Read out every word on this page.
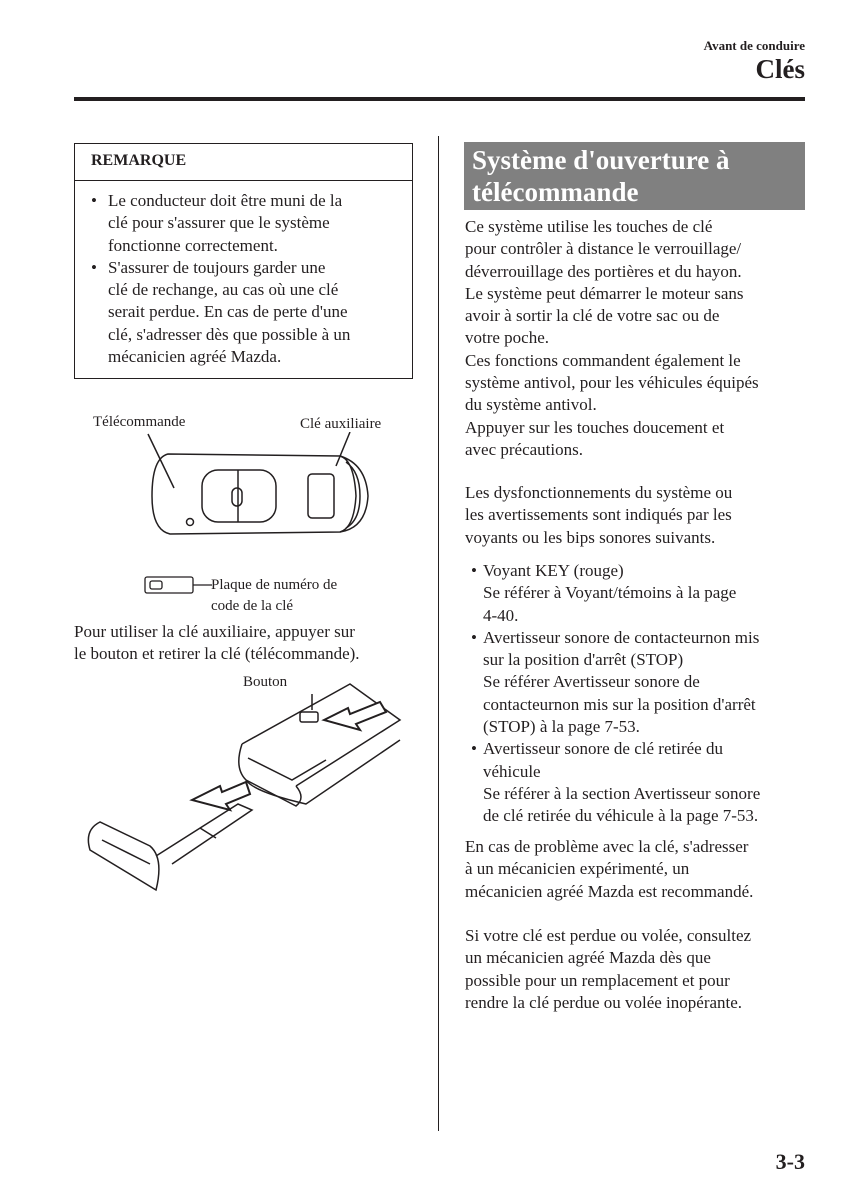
Avant de conduire
Clés
REMARQUE
• Le conducteur doit être muni de la
clé pour s'assurer que le système
fonctionne correctement.
• S'assurer de toujours garder une
clé de rechange, au cas où une clé
serait perdue. En cas de perte d'une
clé, s'adresser dès que possible à un
mécanicien agréé Mazda.
Télécommande	Clé auxiliaire
Plaque de numéro de
code de la clé
Pour utiliser la clé auxiliaire, appuyer sur
le bouton et retirer la clé (télécommande).
Bouton
Système d'ouverture à
télécommande
Ce système utilise les touches de clé
pour contrôler à distance le verrouillage/
déverrouillage des portières et du hayon.
Le système peut démarrer le moteur sans
avoir à sortir la clé de votre sac ou de
votre poche.
Ces fonctions commandent également le
système antivol, pour les véhicules équipés
du système antivol.
Appuyer sur les touches doucement et
avec précautions.
Les dysfonctionnements du système ou
les avertissements sont indiqués par les
voyants ou les bips sonores suivants.
• Voyant KEY (rouge)
Se référer à Voyant/témoins à la page
4-40.
• Avertisseur sonore de contacteurnon mis
sur la position d'arrêt (STOP)
Se référer Avertisseur sonore de
contacteurnon mis sur la position d'arrêt
(STOP) à la page 7-53.
• Avertisseur sonore de clé retirée du
véhicule
Se référer à la section Avertisseur sonore
de clé retirée du véhicule à la page 7-53.
En cas de problème avec la clé, s'adresser
à un mécanicien expérimenté, un
mécanicien agréé Mazda est recommandé.
Si votre clé est perdue ou volée, consultez
un mécanicien agréé Mazda dès que
possible pour un remplacement et pour
rendre la clé perdue ou volée inopérante.
3-3
